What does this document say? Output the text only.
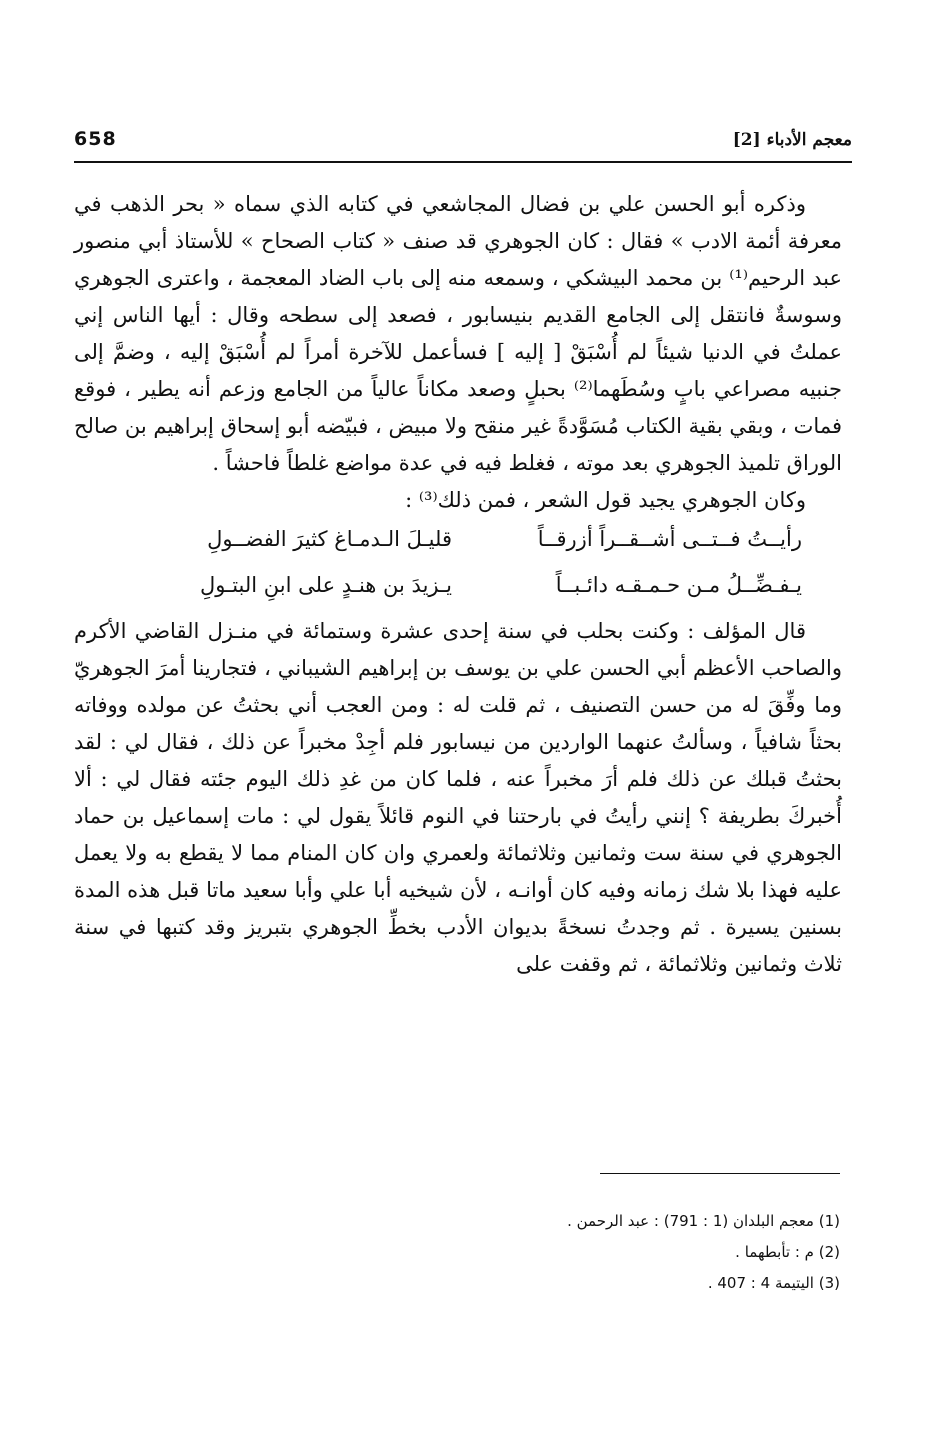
معجم الأدباء [2]
658

وذكره أبو الحسن علي بن فضال المجاشعي في كتابه الذي سماه « بحر الذهب في معرفة أئمة الادب » فقال : كان الجوهري قد صنف « كتاب الصحاح » للأستاذ أبي منصور عبد الرحيم⁽¹⁾ بن محمد البيشكي ، وسمعه منه إلى باب الضاد المعجمة ، واعترى الجوهري وسوسةٌ فانتقل إلى الجامع القديم بنيسابور ، فصعد إلى سطحه وقال : أيها الناس إني عملتُ في الدنيا شيئاً لم أُسْبَقْ [ إليه ] فسأعمل للآخرة أمراً لم أُسْبَقْ إليه ، وضمَّ إلى جنبيه مصراعي بابٍ وسُطَهما⁽²⁾ بحبلٍ وصعد مكاناً عالياً من الجامع وزعم أنه يطير ، فوقع فمات ، وبقي بقية الكتاب مُسَوَّدةً غير منقح ولا مبيض ، فبيّضه أبو إسحاق إبراهيم بن صالح الوراق تلميذ الجوهري بعد موته ، فغلط فيه في عدة مواضع غلطاً فاحشاً .

وكان الجوهري يجيد قول الشعر ، فمن ذلك⁽³⁾ :

رأيــتُ فــتــى أشــقــراً أزرقــاً
قليـلَ الـدمـاغ كثيرَ الفضــولِ
يـفـضِّــلُ مـن حـمـقـه دائـبــاً
يـزيدَ بن هنـدٍ على ابنِ البتـولِ

قال المؤلف : وكنت بحلب في سنة إحدى عشرة وستمائة في منـزل القاضي الأكرم والصاحب الأعظم أبي الحسن علي بن يوسف بن إبراهيم الشيباني ، فتجارينا أمرَ الجوهريّ وما وفِّقَ له من حسن التصنيف ، ثم قلت له : ومن العجب أني بحثتُ عن مولده ووفاته بحثاً شافياً ، وسألتُ عنهما الواردين من نيسابور فلم أجِدْ مخبراً عن ذلك ، فقال لي : لقد بحثتُ قبلك عن ذلك فلم أرَ مخبراً عنه ، فلما كان من غدِ ذلك اليوم جئته فقال لي : ألا أُخبركَ بطريفة ؟ إنني رأيتُ في بارحتنا في النوم قائلاً يقول لي : مات إسماعيل بن حماد الجوهري في سنة ست وثمانين وثلاثمائة ولعمري وان كان المنام مما لا يقطع به ولا يعمل عليه فهذا بلا شك زمانه وفيه كان أوانـه ، لأن شيخيه أبا علي وأبا سعيد ماتا قبل هذه المدة بسنين يسيرة . ثم وجدتُ نسخةً بديوان الأدب بخطِّ الجوهري بتبريز وقد كتبها في سنة ثلاث وثمانين وثلاثمائة ، ثم وقفت على

(1) معجم البلدان (1 : 791) : عبد الرحمن .
(2) م : تأبطهما .
(3) اليتيمة 4 : 407 .
